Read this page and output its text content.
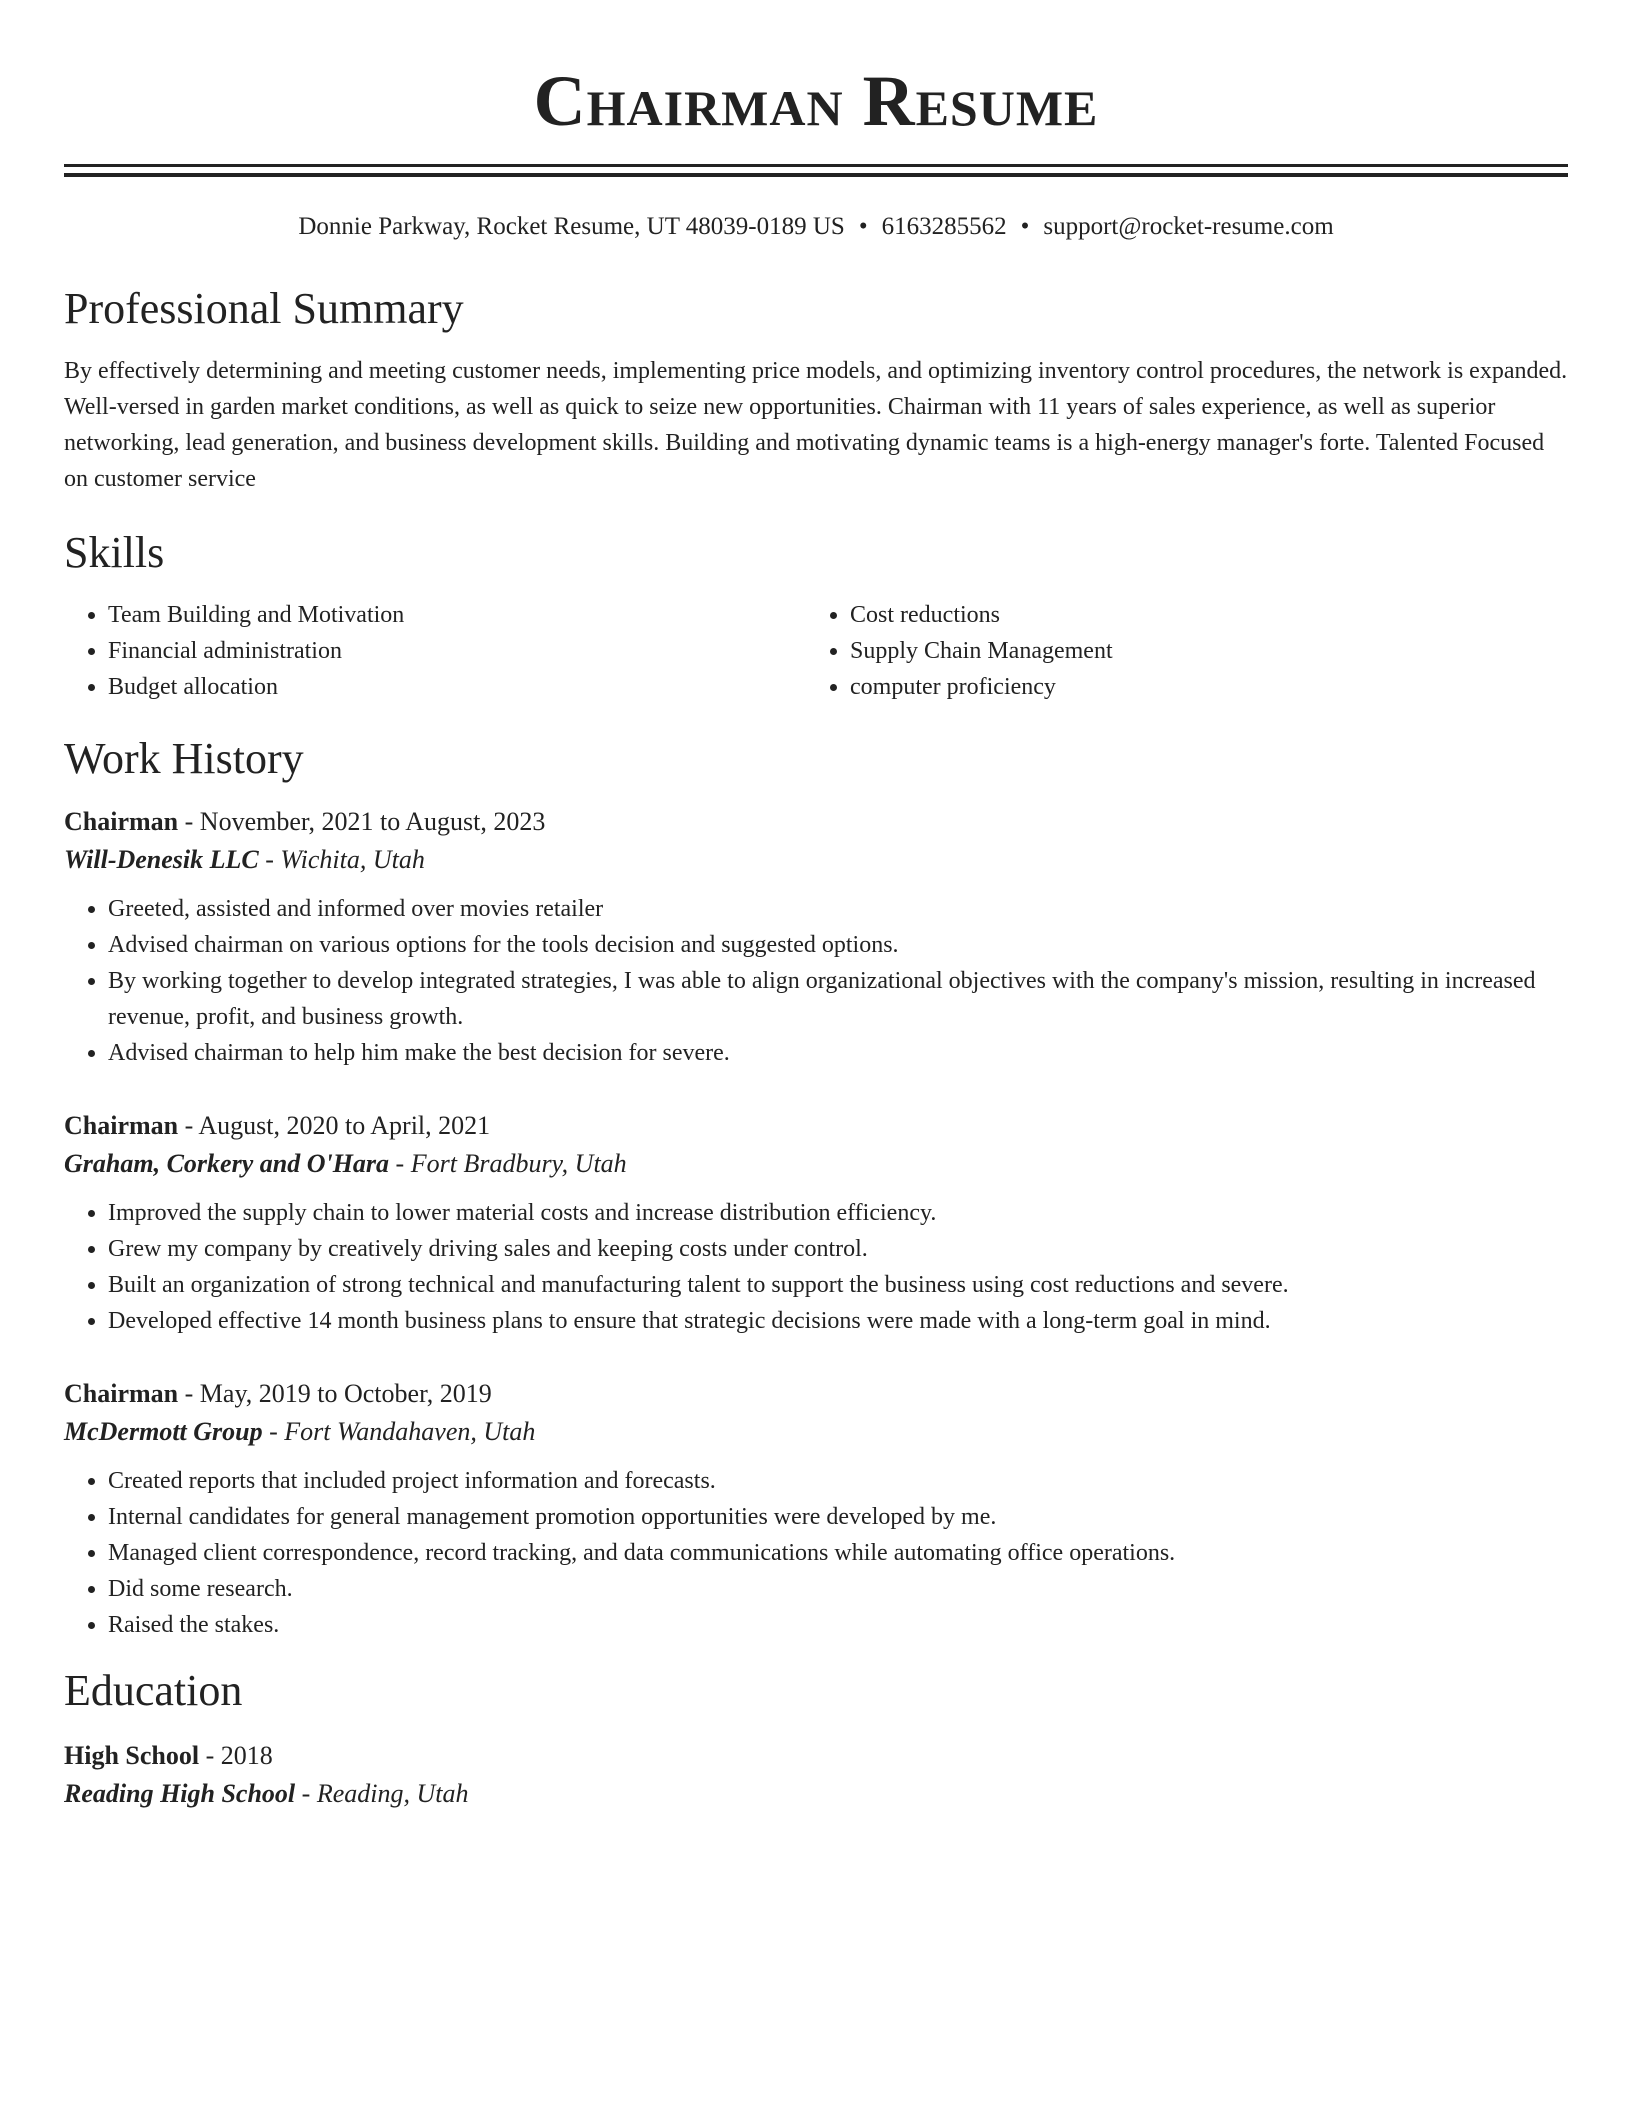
Chairman Resume
Donnie Parkway, Rocket Resume, UT 48039-0189 US • 6163285562 • support@rocket-resume.com
Professional Summary

By effectively determining and meeting customer needs, implementing price models, and optimizing inventory control procedures, the network is expanded. Well-versed in garden market conditions, as well as quick to seize new opportunities. Chairman with 11 years of sales experience, as well as superior networking, lead generation, and business development skills. Building and motivating dynamic teams is a high-energy manager's forte. Talented Focused on customer service

Skills
• Team Building and Motivation
• Financial administration
• Budget allocation
• Cost reductions
• Supply Chain Management
• computer proficiency
Work History
Chairman - November, 2021 to August, 2023
Will-Denesik LLC - Wichita, Utah
• Greeted, assisted and informed over movies retailer
• Advised chairman on various options for the tools decision and suggested options.
• By working together to develop integrated strategies, I was able to align organizational objectives with the company's mission, resulting in increased revenue, profit, and business growth.
• Advised chairman to help him make the best decision for severe.
Chairman - August, 2020 to April, 2021
Graham, Corkery and O'Hara - Fort Bradbury, Utah
• Improved the supply chain to lower material costs and increase distribution efficiency.
• Grew my company by creatively driving sales and keeping costs under control.
• Built an organization of strong technical and manufacturing talent to support the business using cost reductions and severe.
• Developed effective 14 month business plans to ensure that strategic decisions were made with a long-term goal in mind.
Chairman - May, 2019 to October, 2019
McDermott Group - Fort Wandahaven, Utah
• Created reports that included project information and forecasts.
• Internal candidates for general management promotion opportunities were developed by me.
• Managed client correspondence, record tracking, and data communications while automating office operations.
• Did some research.
• Raised the stakes.
Education
High School - 2018
Reading High School - Reading, Utah
